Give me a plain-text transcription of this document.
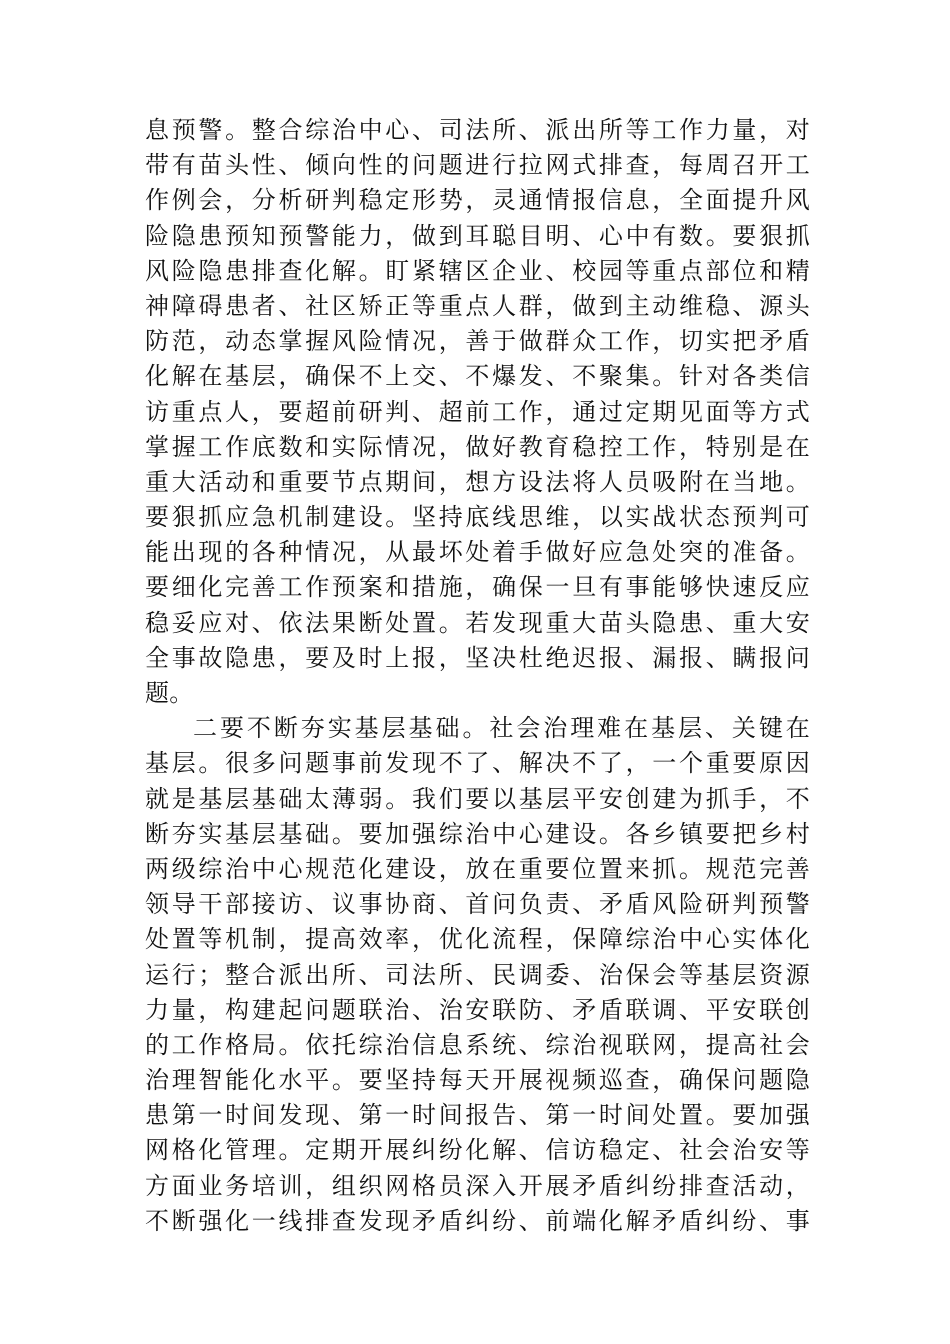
息预警。整合综治中心、司法所、派出所等工作力量，对
带有苗头性、倾向性的问题进行拉网式排查，每周召开工
作例会，分析研判稳定形势，灵通情报信息，全面提升风
险隐患预知预警能力，做到耳聪目明、心中有数。要狠抓
风险隐患排查化解。盯紧辖区企业、校园等重点部位和精
神障碍患者、社区矫正等重点人群，做到主动维稳、源头
防范，动态掌握风险情况，善于做群众工作，切实把矛盾
化解在基层，确保不上交、不爆发、不聚集。针对各类信
访重点人，要超前研判、超前工作，通过定期见面等方式
掌握工作底数和实际情况，做好教育稳控工作，特别是在
重大活动和重要节点期间，想方设法将人员吸附在当地。
要狠抓应急机制建设。坚持底线思维，以实战状态预判可
能出现的各种情况，从最坏处着手做好应急处突的准备。
要细化完善工作预案和措施，确保一旦有事能够快速反应
稳妥应对、依法果断处置。若发现重大苗头隐患、重大安
全事故隐患，要及时上报，坚决杜绝迟报、漏报、瞒报问
题。
二要不断夯实基层基础。社会治理难在基层、关键在
基层。很多问题事前发现不了、解决不了，一个重要原因
就是基层基础太薄弱。我们要以基层平安创建为抓手，不
断夯实基层基础。要加强综治中心建设。各乡镇要把乡村
两级综治中心规范化建设，放在重要位置来抓。规范完善
领导干部接访、议事协商、首问负责、矛盾风险研判预警
处置等机制，提高效率，优化流程，保障综治中心实体化
运行；整合派出所、司法所、民调委、治保会等基层资源
力量，构建起问题联治、治安联防、矛盾联调、平安联创
的工作格局。依托综治信息系统、综治视联网，提高社会
治理智能化水平。要坚持每天开展视频巡查，确保问题隐
患第一时间发现、第一时间报告、第一时间处置。要加强
网格化管理。定期开展纠纷化解、信访稳定、社会治安等
方面业务培训，组织网格员深入开展矛盾纠纷排查活动，
不断强化一线排查发现矛盾纠纷、前端化解矛盾纠纷、事
